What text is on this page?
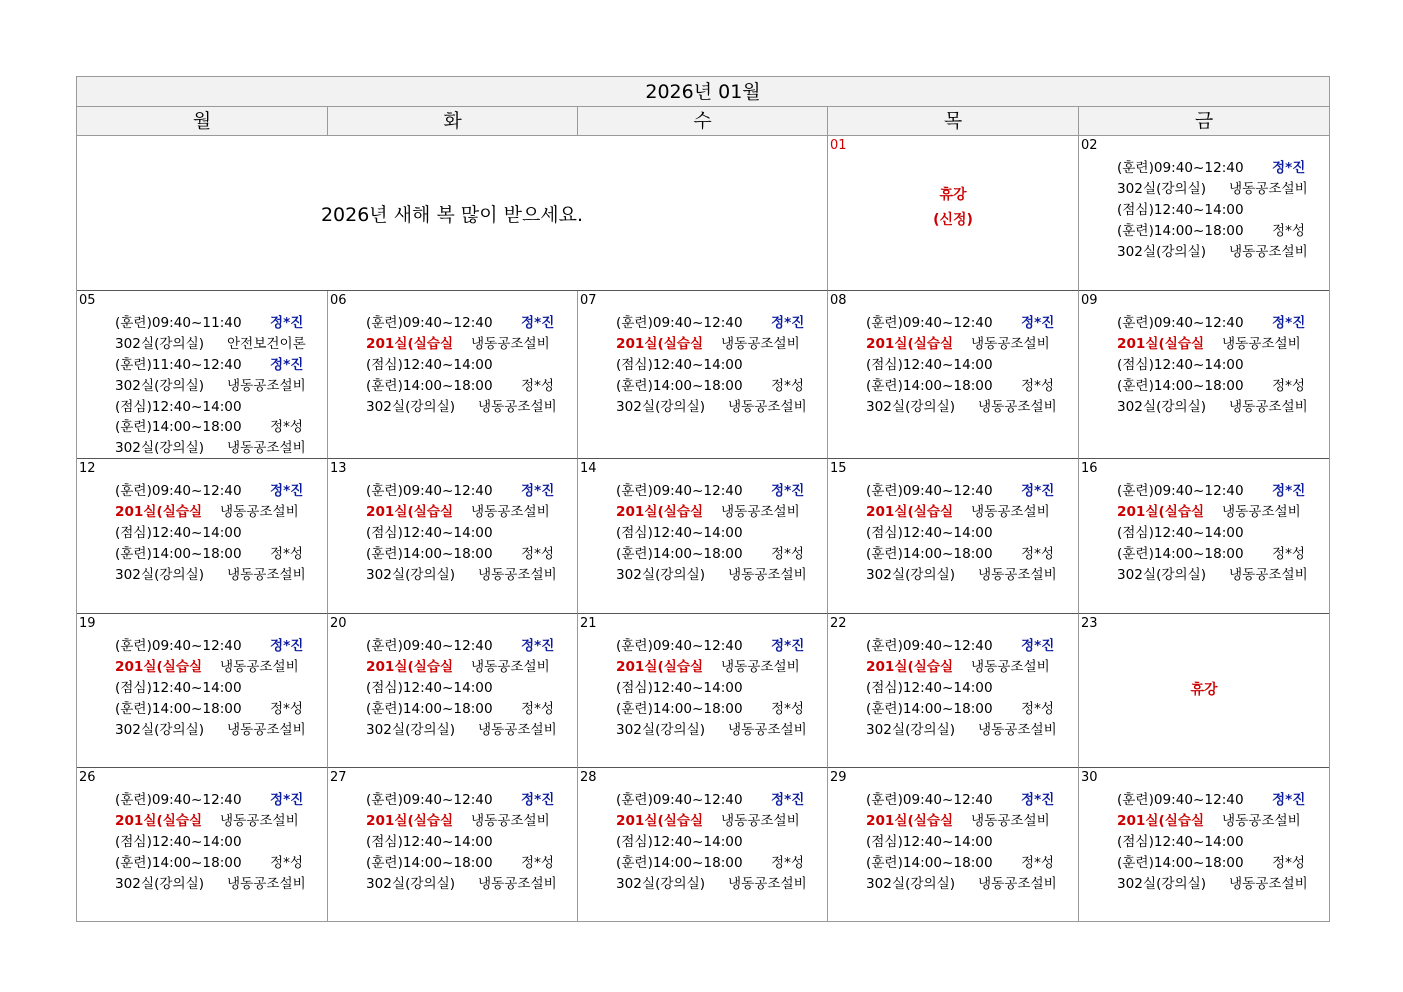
2026년 01월
월	화	수	목	금
2026년 새해 복 많이 받으세요.
01
휴강
(신정)
02
(훈련)09:40~12:40 정*진
302실(강의실) 냉동공조설비
(점심)12:40~14:00
(훈련)14:00~18:00 정*성
302실(강의실) 냉동공조설비
05
(훈련)09:40~11:40 정*진
302실(강의실) 안전보건이론
(훈련)11:40~12:40 정*진
302실(강의실) 냉동공조설비
(점심)12:40~14:00
(훈련)14:00~18:00 정*성
302실(강의실) 냉동공조설비
06
(훈련)09:40~12:40 정*진
201실(실습실 냉동공조설비
(점심)12:40~14:00
(훈련)14:00~18:00 정*성
302실(강의실) 냉동공조설비
07
(훈련)09:40~12:40 정*진
201실(실습실 냉동공조설비
(점심)12:40~14:00
(훈련)14:00~18:00 정*성
302실(강의실) 냉동공조설비
08
(훈련)09:40~12:40 정*진
201실(실습실 냉동공조설비
(점심)12:40~14:00
(훈련)14:00~18:00 정*성
302실(강의실) 냉동공조설비
09
(훈련)09:40~12:40 정*진
201실(실습실 냉동공조설비
(점심)12:40~14:00
(훈련)14:00~18:00 정*성
302실(강의실) 냉동공조설비
12
(훈련)09:40~12:40 정*진
201실(실습실 냉동공조설비
(점심)12:40~14:00
(훈련)14:00~18:00 정*성
302실(강의실) 냉동공조설비
13
(훈련)09:40~12:40 정*진
201실(실습실 냉동공조설비
(점심)12:40~14:00
(훈련)14:00~18:00 정*성
302실(강의실) 냉동공조설비
14
(훈련)09:40~12:40 정*진
201실(실습실 냉동공조설비
(점심)12:40~14:00
(훈련)14:00~18:00 정*성
302실(강의실) 냉동공조설비
15
(훈련)09:40~12:40 정*진
201실(실습실 냉동공조설비
(점심)12:40~14:00
(훈련)14:00~18:00 정*성
302실(강의실) 냉동공조설비
16
(훈련)09:40~12:40 정*진
201실(실습실 냉동공조설비
(점심)12:40~14:00
(훈련)14:00~18:00 정*성
302실(강의실) 냉동공조설비
19
(훈련)09:40~12:40 정*진
201실(실습실 냉동공조설비
(점심)12:40~14:00
(훈련)14:00~18:00 정*성
302실(강의실) 냉동공조설비
20
(훈련)09:40~12:40 정*진
201실(실습실 냉동공조설비
(점심)12:40~14:00
(훈련)14:00~18:00 정*성
302실(강의실) 냉동공조설비
21
(훈련)09:40~12:40 정*진
201실(실습실 냉동공조설비
(점심)12:40~14:00
(훈련)14:00~18:00 정*성
302실(강의실) 냉동공조설비
22
(훈련)09:40~12:40 정*진
201실(실습실 냉동공조설비
(점심)12:40~14:00
(훈련)14:00~18:00 정*성
302실(강의실) 냉동공조설비
23
휴강
26
(훈련)09:40~12:40 정*진
201실(실습실 냉동공조설비
(점심)12:40~14:00
(훈련)14:00~18:00 정*성
302실(강의실) 냉동공조설비
27
(훈련)09:40~12:40 정*진
201실(실습실 냉동공조설비
(점심)12:40~14:00
(훈련)14:00~18:00 정*성
302실(강의실) 냉동공조설비
28
(훈련)09:40~12:40 정*진
201실(실습실 냉동공조설비
(점심)12:40~14:00
(훈련)14:00~18:00 정*성
302실(강의실) 냉동공조설비
29
(훈련)09:40~12:40 정*진
201실(실습실 냉동공조설비
(점심)12:40~14:00
(훈련)14:00~18:00 정*성
302실(강의실) 냉동공조설비
30
(훈련)09:40~12:40 정*진
201실(실습실 냉동공조설비
(점심)12:40~14:00
(훈련)14:00~18:00 정*성
302실(강의실) 냉동공조설비
